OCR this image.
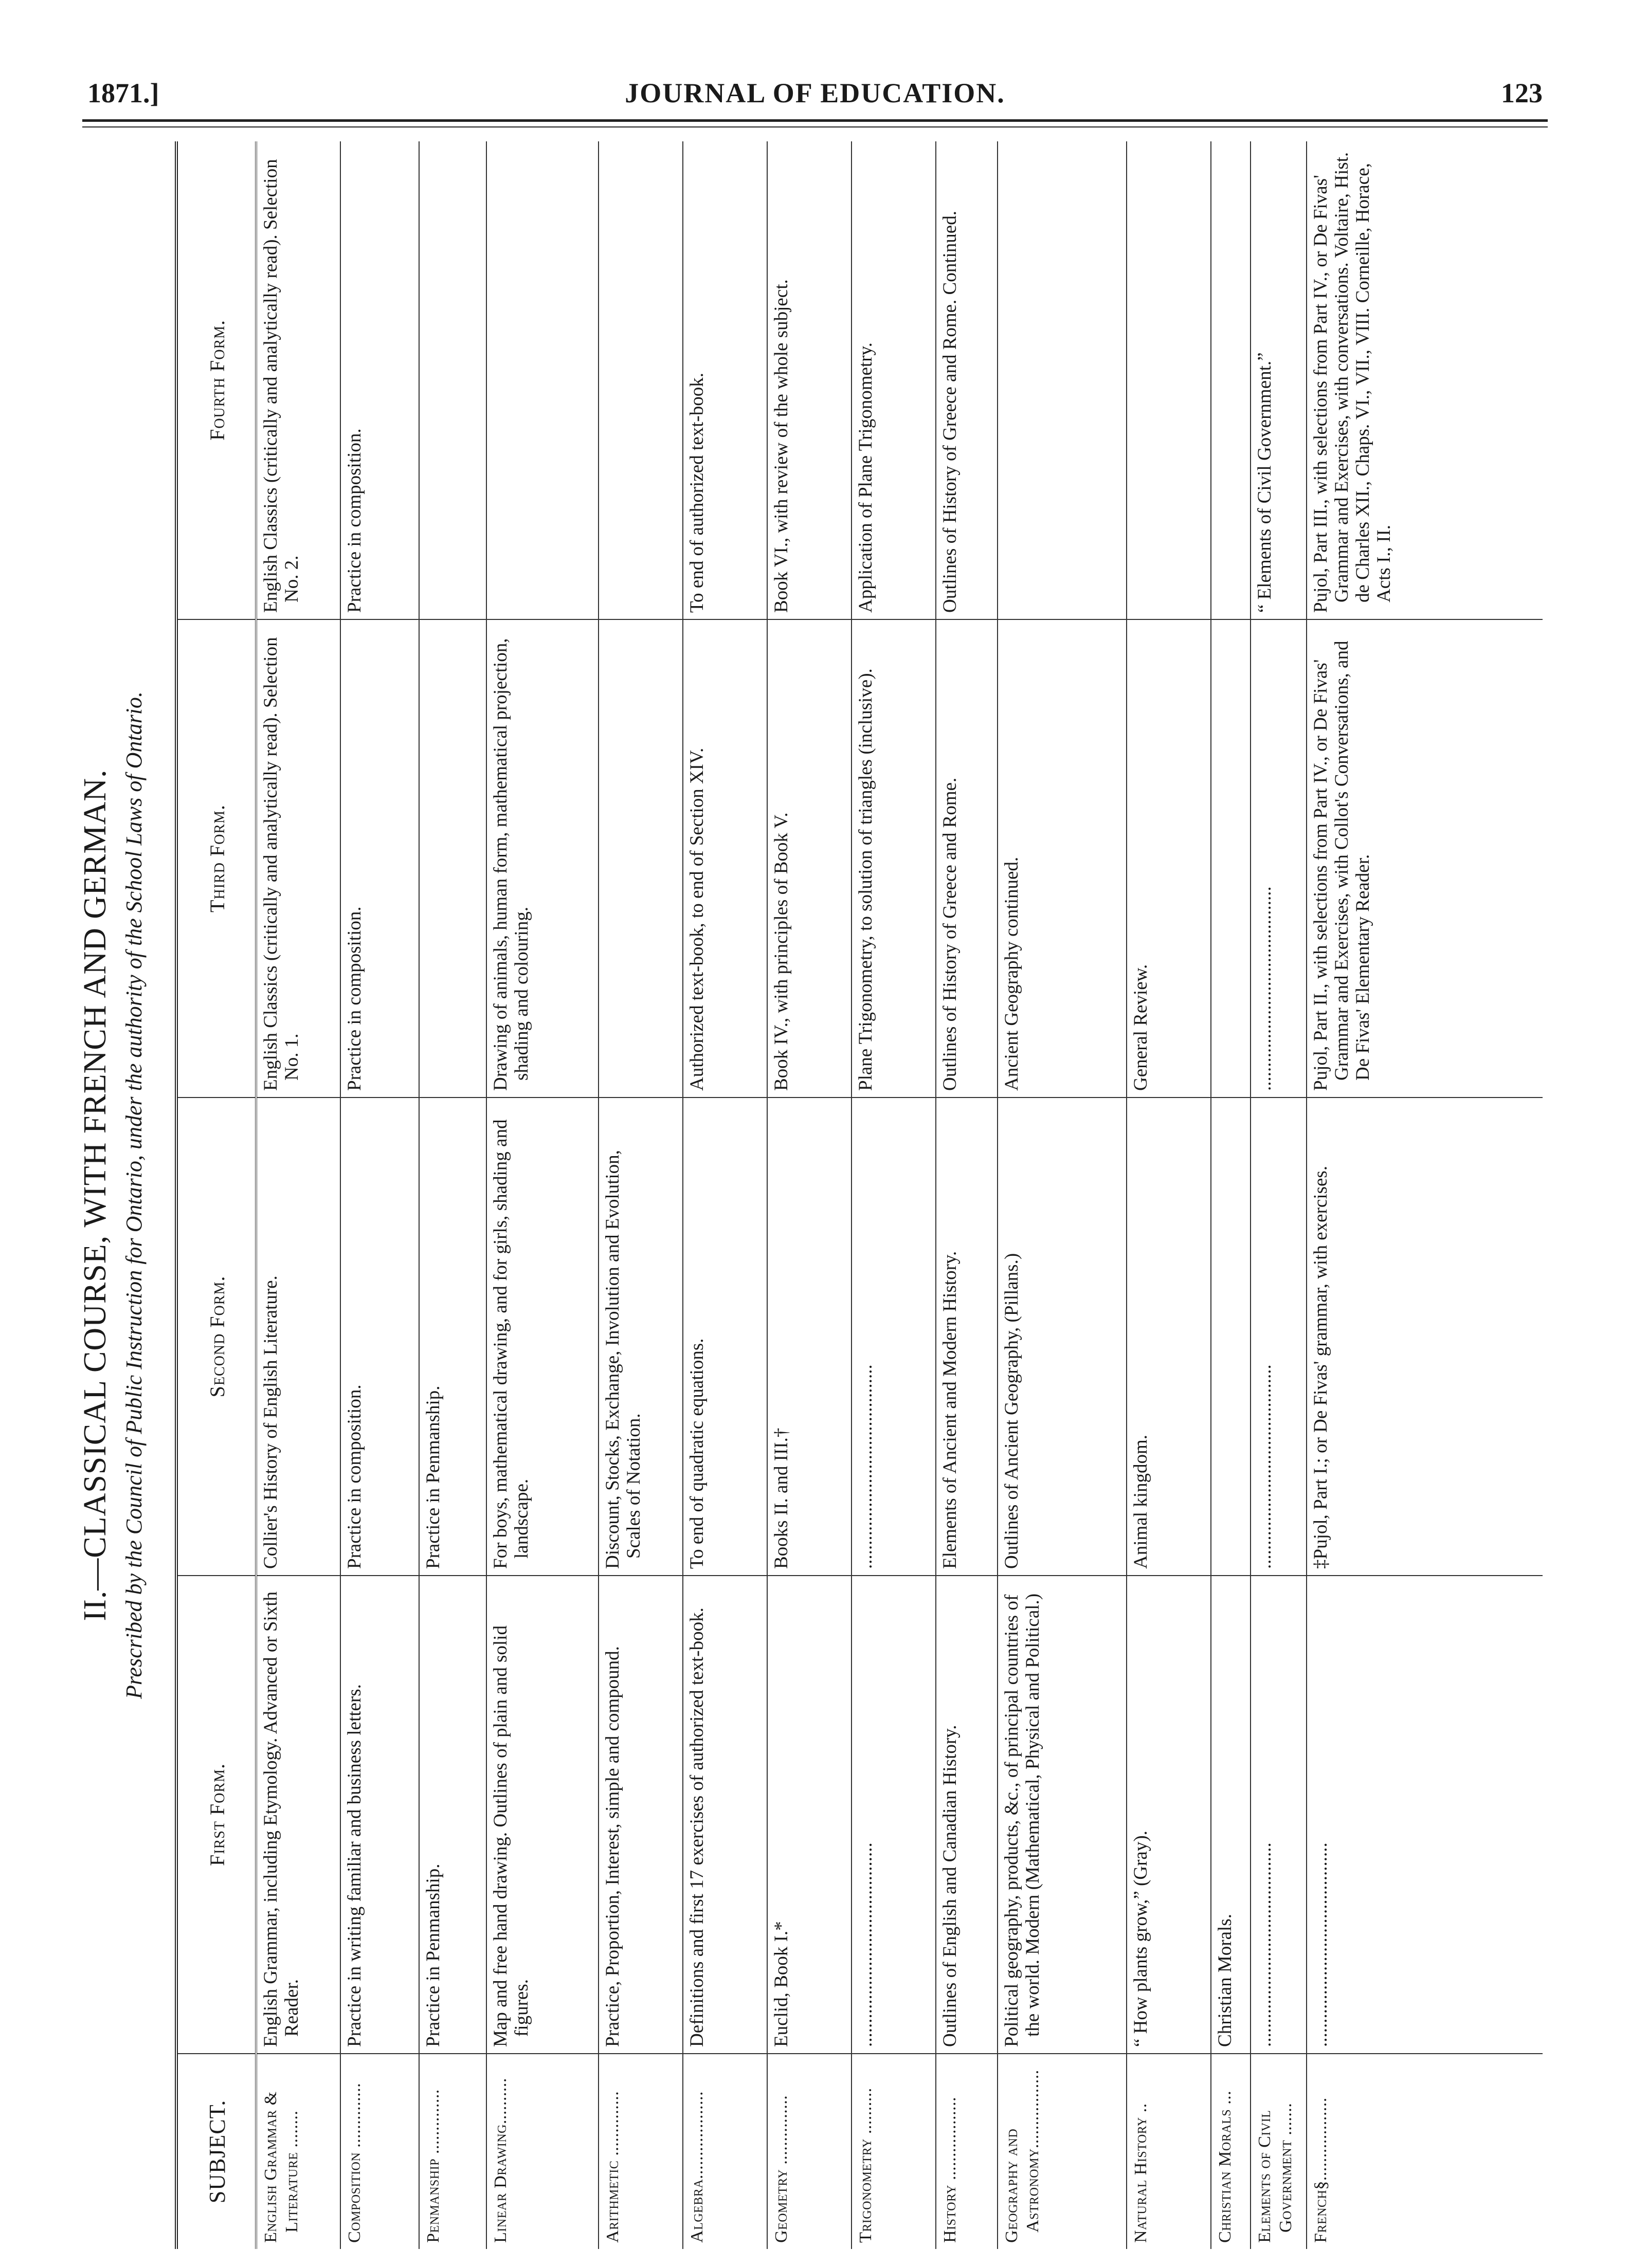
1871.]	JOURNAL OF EDUCATION.	123
II.—CLASSICAL COURSE, WITH FRENCH AND GERMAN. Prescribed by the Council of Public Instruction for Ontario, under the authority of the School Laws of Ontario.
SUBJECT.	First Form.	Second Form.	Third Form.	Fourth Form.
English Grammar & Literature ........	English Grammar, including Etymology. Advanced or Sixth Reader.	Collier's History of English Literature.	English Classics (critically and analytically read). Selection No. 1.	English Classics (critically and analytically read). Selection No. 2.
Composition ..............	Practice in writing familiar and business letters.	Practice in composition.	Practice in composition.	Practice in composition.
Penmanship ..............	Practice in Penmanship.	Practice in Penmanship.		
Linear Drawing..........	Map and free hand drawing. Outlines of plain and solid figures.	For boys, mathematical drawing, and for girls, shading and landscape.	Drawing of animals, human form, mathematical projection, shading and colouring.	
Arithmetic ..............	Practice, Proportion, Interest, simple and compound.	Discount, Stocks, Exchange, Involution and Evolution, Scales of Notation.		
Algebra...................	Definitions and first 17 exercises of authorized text-book.	To end of quadratic equations.	Authorized text-book, to end of Section XIV.	To end of authorized text-book.
Geometry ...............	Euclid, Book I.*	Books II. and III.†	Book IV., with principles of Book V.	Book VI., with review of the whole subject.
Trigonometry ..........	...........................................	...........................................	Plane Trigonometry, to solution of triangles (inclusive).	Application of Plane Trigonometry.
History ..................	Outlines of English and Canadian History.	Elements of Ancient and Modern History.	Outlines of History of Greece and Rome.	Outlines of History of Greece and Rome. Continued.
Geography and Astronomy.................	Political geography, products, &c., of principal countries of the world. Modern (Mathematical, Physical and Political.)	Outlines of Ancient Geography, (Pillans.)	Ancient Geography continued.	
Natural History ..	“ How plants grow,” (Gray).	Animal kingdom.	General Review.	
Christian Morals ...	Christian Morals.			
Elements of Civil Government .......	...........................................	...........................................	...........................................	“ Elements of Civil Government.”
French§..................	...........................................	‡Pujol, Part I.; or De Fivas' grammar, with exercises.	Pujol, Part II., with selections from Part IV., or De Fivas' Grammar and Exercises, with Collot's Conversations, and De Fivas' Elementary Reader.	Pujol, Part III., with selections from Part IV., or De Fivas' Grammar and Exercises, with conversations. Voltaire, Hist. de Charles XII., Chaps. VI., VII., VIII. Corneille, Horace, Acts I., II.
